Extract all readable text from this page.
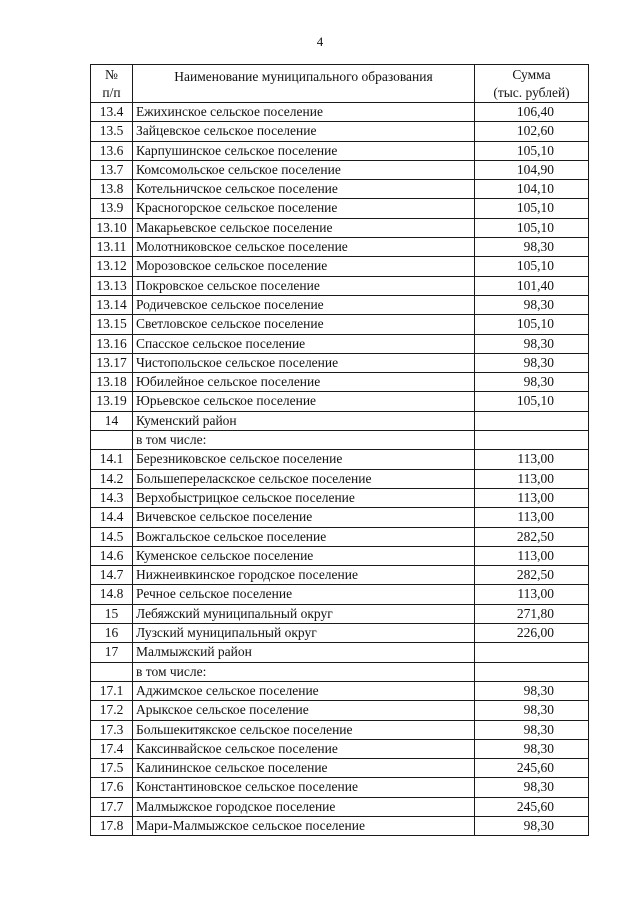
4
№
п/п	Наименование муниципального образования	Сумма
(тыс. рублей)

13.4	Ежихинское сельское поселение	106,40
13.5	Зайцевское сельское поселение	102,60
13.6	Карпушинское сельское поселение	105,10
13.7	Комсомольское сельское поселение	104,90
13.8	Котельничское сельское поселение	104,10
13.9	Красногорское сельское поселение	105,10
13.10	Макарьевское сельское поселение	105,10
13.11	Молотниковское сельское поселение	98,30
13.12	Морозовское сельское поселение	105,10
13.13	Покровское сельское поселение	101,40
13.14	Родичевское сельское поселение	98,30
13.15	Светловское сельское поселение	105,10
13.16	Спасское сельское поселение	98,30
13.17	Чистопольское сельское поселение	98,30
13.18	Юбилейное сельское поселение	98,30
13.19	Юрьевское сельское поселение	105,10
14	Куменский район	
	в том числе:	
14.1	Березниковское сельское поселение	113,00
14.2	Большепереласкское сельское поселение	113,00
14.3	Верхобыстрицкое сельское поселение	113,00
14.4	Вичевское сельское поселение	113,00
14.5	Вожгальское сельское поселение	282,50
14.6	Куменское сельское поселение	113,00
14.7	Нижнеивкинское городское поселение	282,50
14.8	Речное сельское поселение	113,00
15	Лебяжский муниципальный округ	271,80
16	Лузский муниципальный округ	226,00
17	Малмыжский район	
	в том числе:	
17.1	Аджимское сельское поселение	98,30
17.2	Арыкское сельское поселение	98,30
17.3	Большекитякское сельское поселение	98,30
17.4	Каксинвайское сельское поселение	98,30
17.5	Калининское сельское поселение	245,60
17.6	Константиновское сельское поселение	98,30
17.7	Малмыжское городское поселение	245,60
17.8	Мари-Малмыжское сельское поселение	98,30
